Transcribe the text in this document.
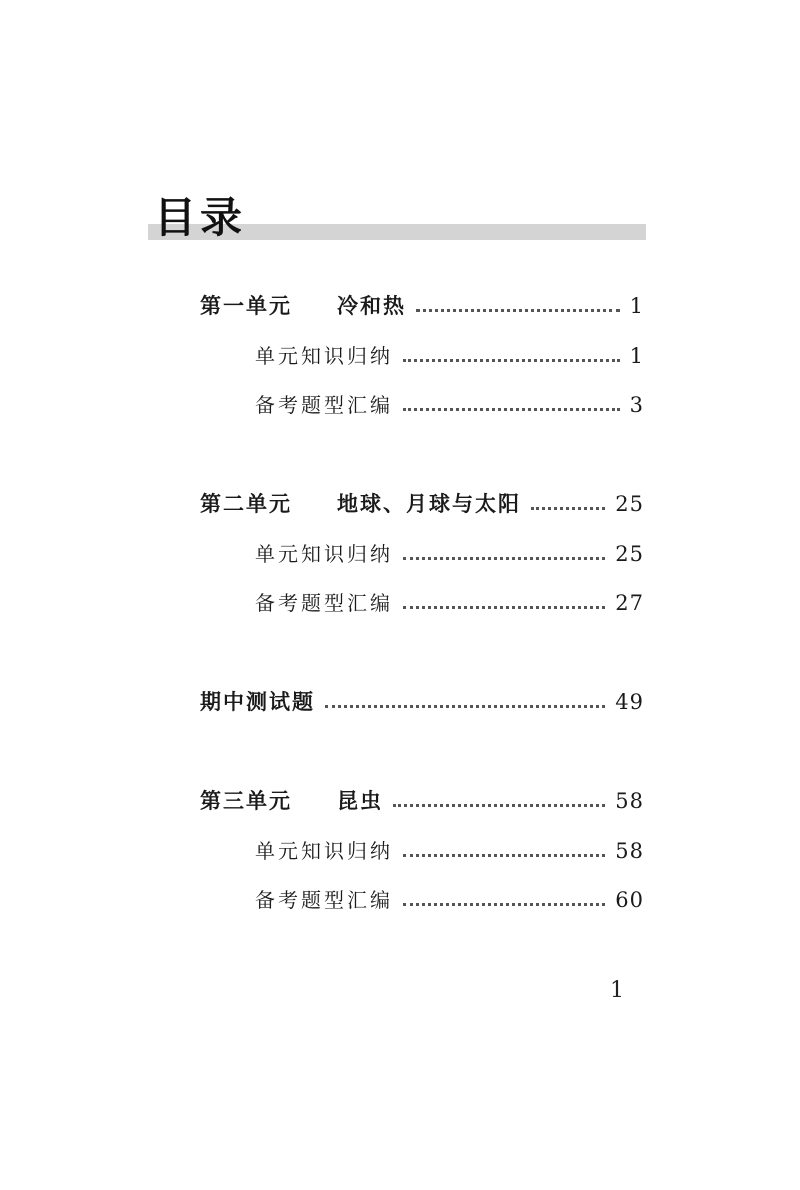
目录
第一单元 冷和热	1
单元知识归纳	1
备考题型汇编	3
第二单元 地球、月球与太阳	25
单元知识归纳	25
备考题型汇编	27
期中测试题	49
第三单元 昆虫	58
单元知识归纳	58
备考题型汇编	60
1
